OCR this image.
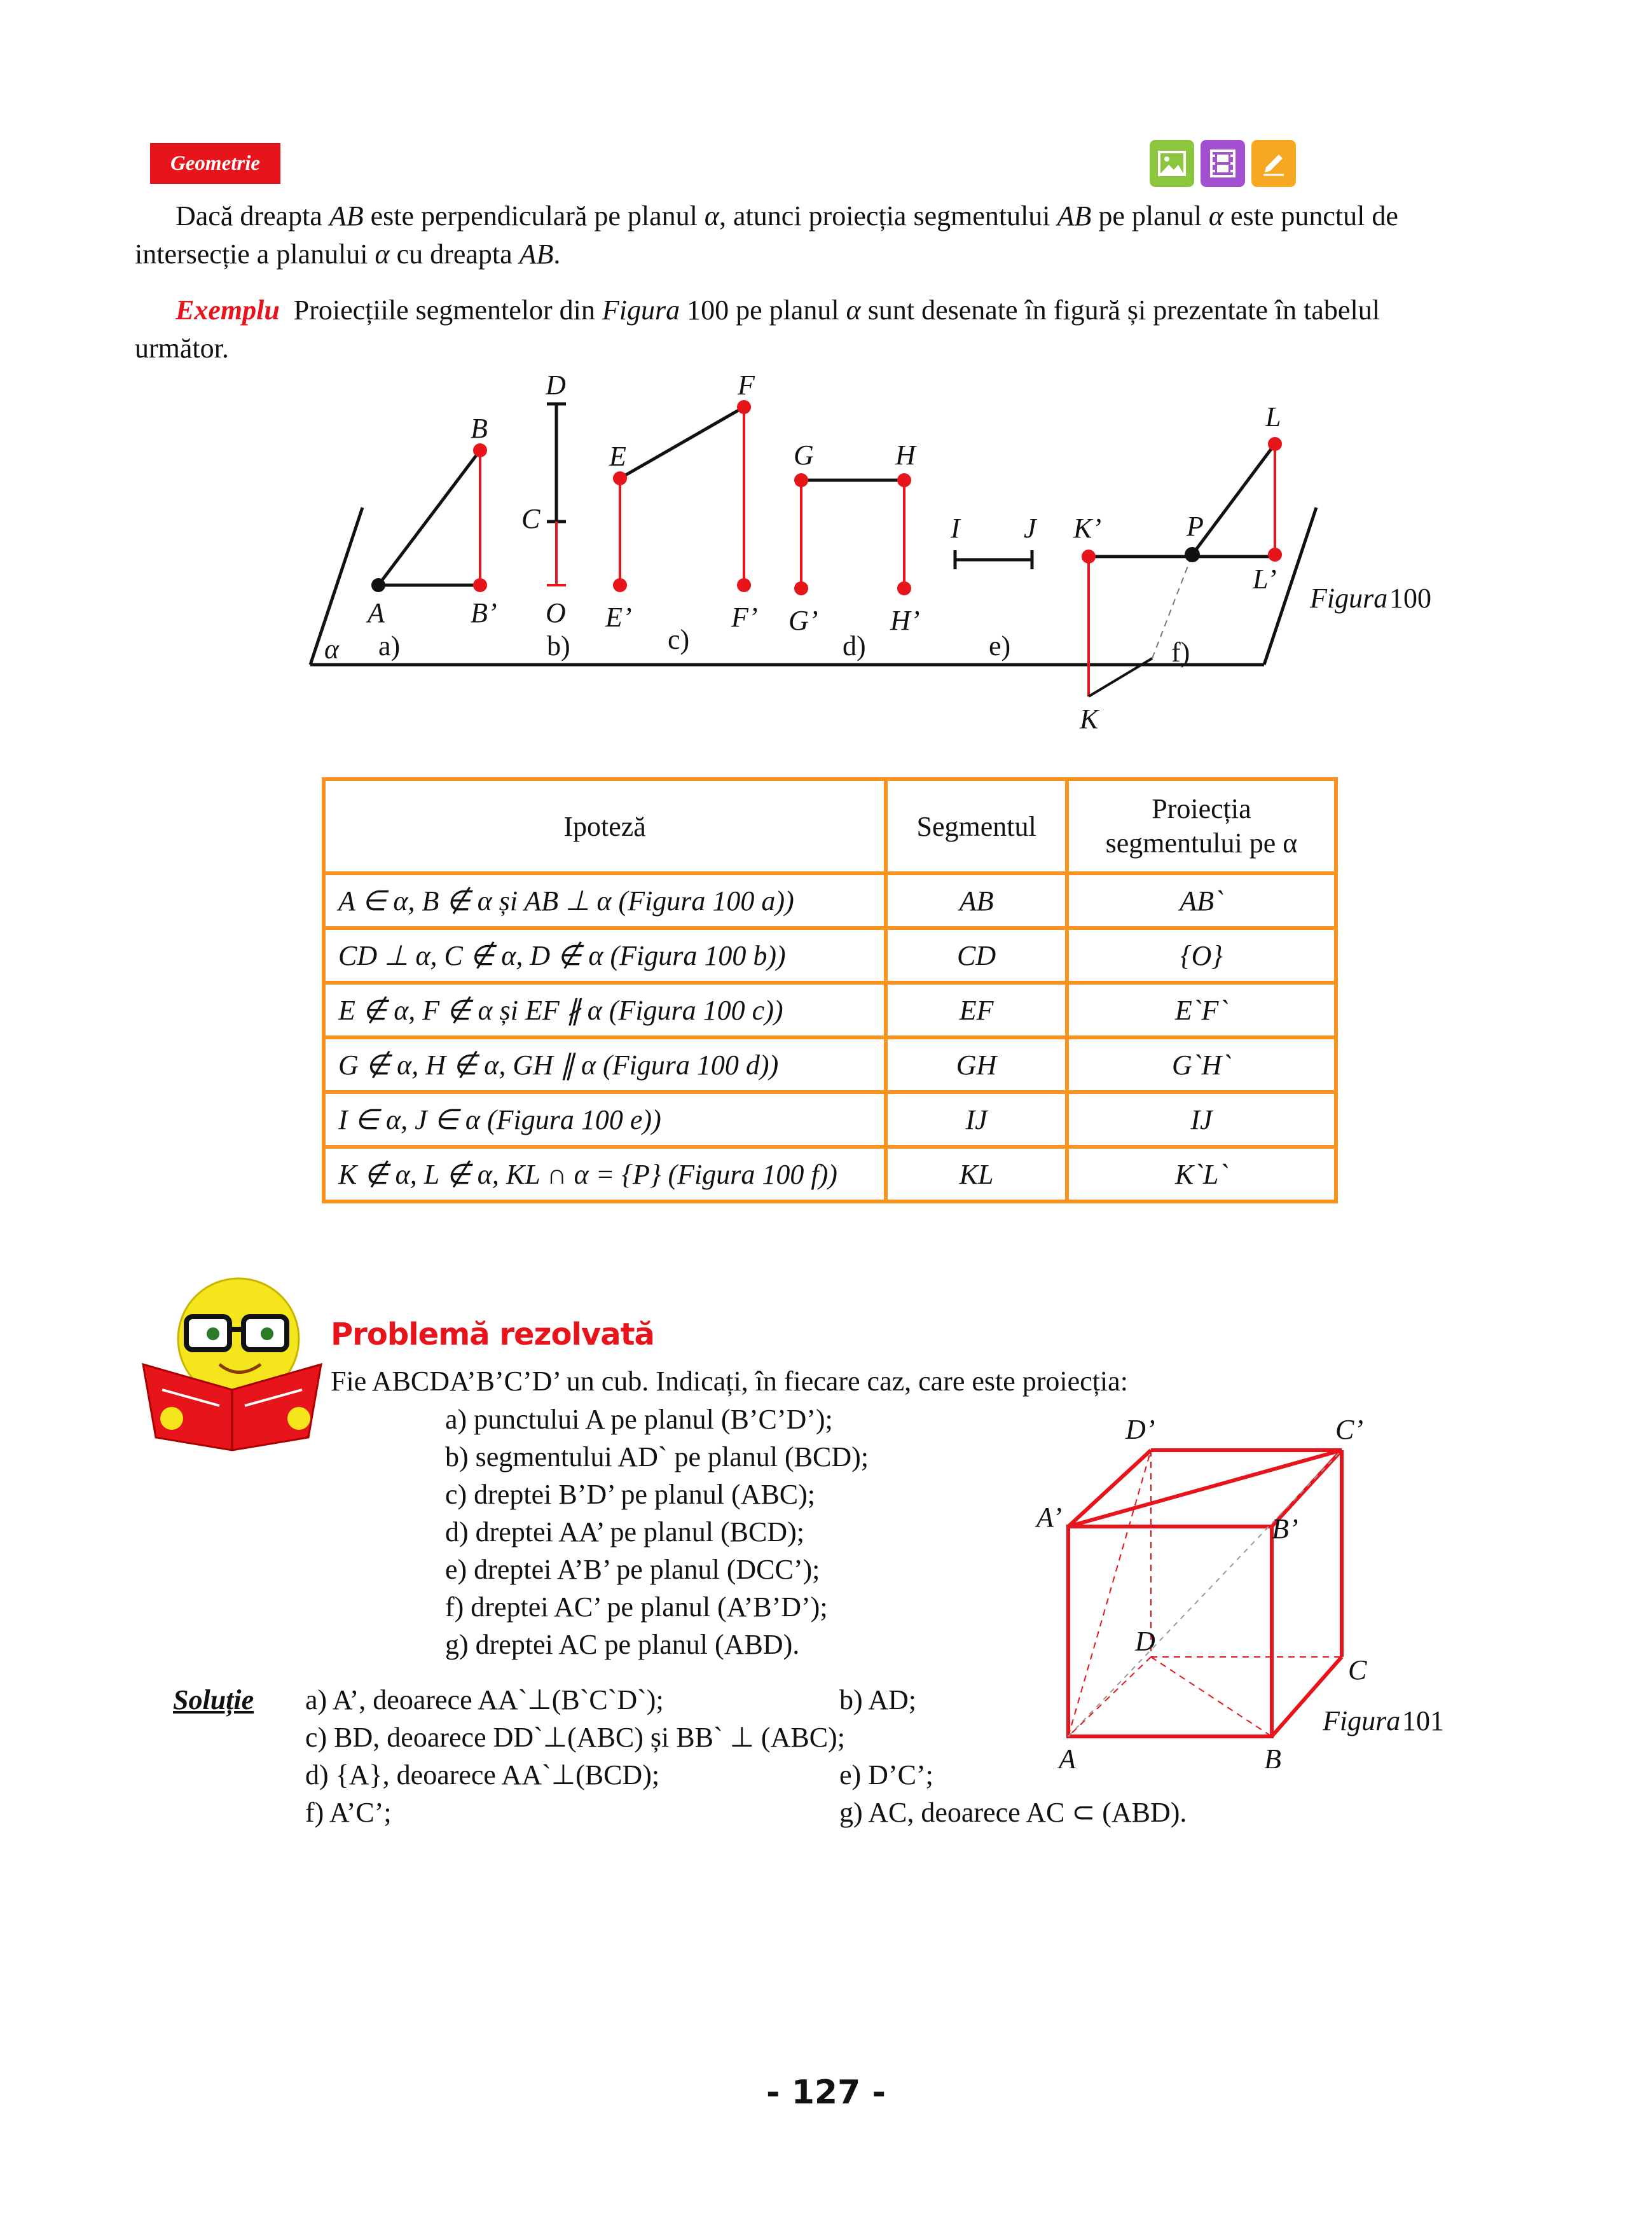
Geometrie
Dacă dreapta AB este perpendiculară pe planul α, atunci proiecția segmentului AB pe planul α este punctul de
intersecție a planului α cu dreapta AB.
Exemplu Proiecțiile segmentelor din Figura 100 pe planul α sunt desenate în figură și prezentate în tabelul
următor.
α
A
B
B’
C
D
O
E
F
E’	F’
G	H
G’	H’
I J K’
K
P
L
L’
Figura
a)	b)	c)	d)	e)	f)
100
Ipoteză	Segmentul	Proiecția
segmentului pe α
A ∈ α, B ∉ α și AB ⊥ α (Figura 100 a))	AB	AB`
CD ⊥ α, C ∉ α, D ∉ α (Figura 100 b))	CD	{O}
E ∉ α, F ∉ α și EF ∦ α (Figura 100 c))	EF	E`F`
G ∉ α, H ∉ α, GH ∥ α (Figura 100 d))	GH	G`H`
I ∈ α, J ∈ α (Figura 100 e))	IJ	IJ
K ∉ α, L ∉ α, KL ∩ α = {P} (Figura 100 f))	KL	K`L`
Problemă rezolvată
Fie ABCDA’B’C’D’ un cub. Indicați, în fiecare caz, care este proiecția:
a) punctului A pe planul (B’C’D’);
b) segmentului AD` pe planul (BCD);
c) dreptei B’D’ pe planul (ABC);
d) dreptei AA’ pe planul (BCD);
e) dreptei A’B’ pe planul (DCC’);
f) dreptei AC’ pe planul (A’B’D’);
g) dreptei AC pe planul (ABD).
Soluție a) A’, deoarece AA`⊥(B`C`D`);	b) AD;
c) BD, deoarece DD`⊥(ABC) și BB` ⊥ (ABC);
d) {A}, deoarece AA`⊥(BCD);	e) D’C’;
f) A’C’;	g) AC, deoarece AC ⊂ (ABD).
A	B
C
D
A’	B’
C’
D’
Figura 101
- 127 -
